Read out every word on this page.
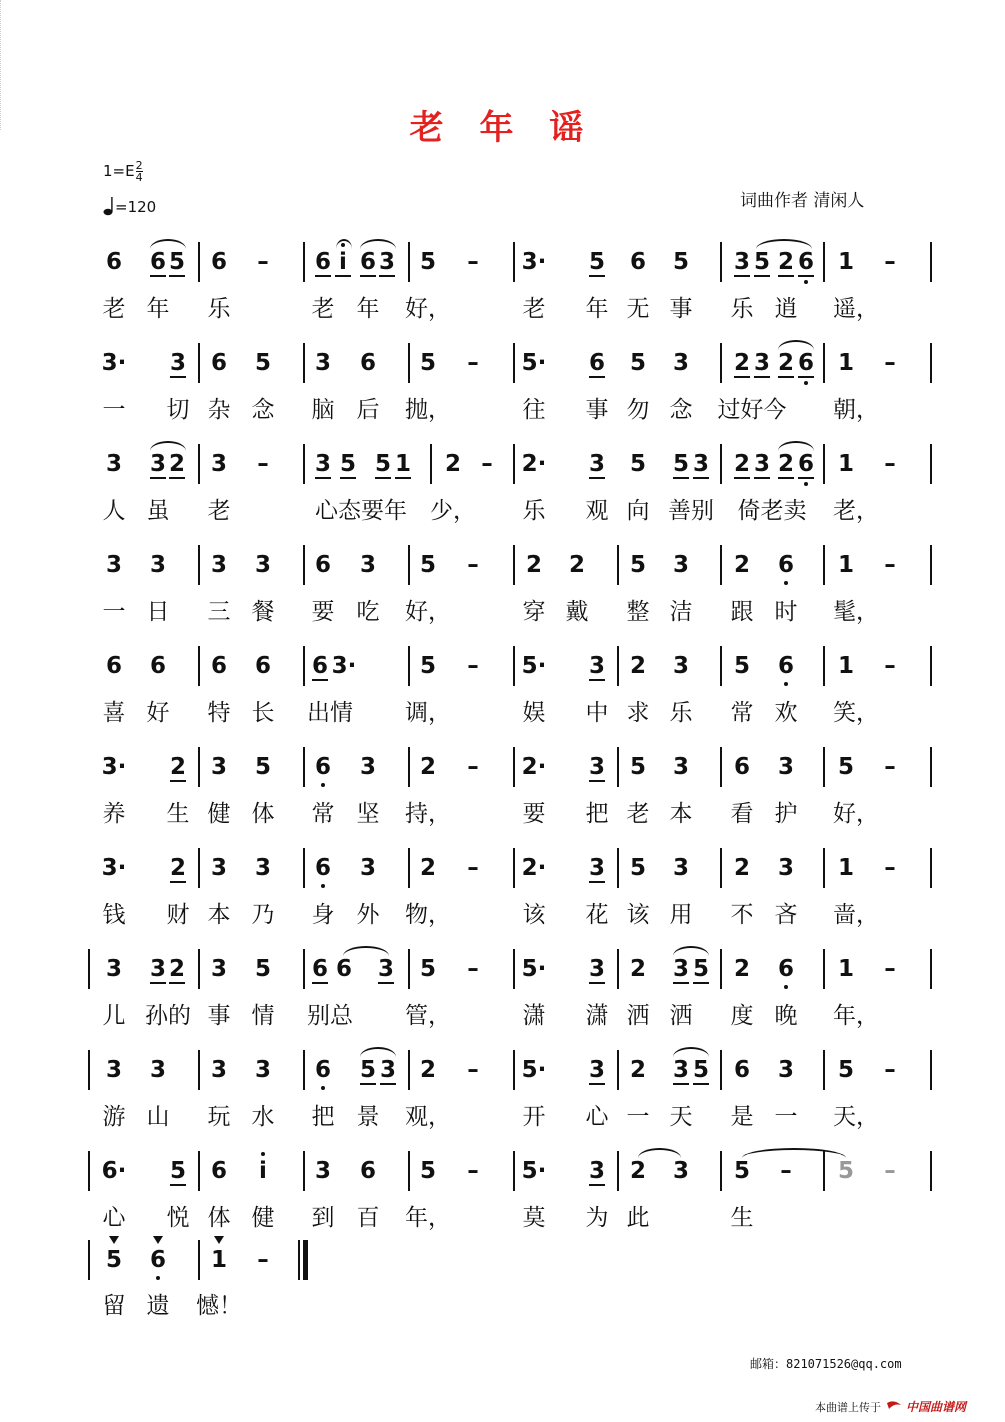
老 年 谣
$1=E \frac{2}{4}$
=120	词曲作者 清闲人
6 6 5 6	–	6 i 6 3 5	–	3· 5 6 5 3 5 2 6 1	–
老 年 乐	老 年 好，	老 年 无 事 乐 逍 遥，
3· 3 6 5 3 6 5	–	5· 6 5 3 2 3 2 6 1	–
一 切 杂 念 脑 后 抛，	往 事 勿 念 过好今 朝，
3 3 2 3	–	3 5 5 1 2 –	2· 3 5 5 3 2 3 2 6 1	–
人 虽 老	心态要年 少， 乐 观 向 善别 倚老卖 老，
3 3 3 3 6 3 5	–	2 2 5 3 2 6 1	–
一 日 三 餐 要 吃 好，	穿 戴 整 洁 跟 时 髦，
6 6 6 6 6 3·	5	–	5· 3 2 3 5 6 1	–
喜 好 特 长 出情 调，	娱 中 求 乐 常 欢 笑，
3· 2 3 5 6 3 2	–	2· 3 5 3 6 3 5	–
养 生 健 体 常 坚 持，	要 把 老 本 看 护 好，
3· 2 3 3 6 3 2	–	2· 3 5 3 2 3 1	–
钱 财 本 乃 身 外 物，	该 花 该 用 不 吝 啬，
3 3 2 3 5 6 6 3 5	–	5· 3 2 3 5 2 6 1	–
儿 孙的 事 情 别总 管，	潇 潇 洒 洒 度 晚 年，
3 3 3 3 6 5 3 2	–	5· 3 2 3 5 6 3 5	–
游 山 玩 水 把 景 观，	开 心 一 天 是 一 天，
6· 5 6	i	3 6 5	–	5· 3 2 3 5	–	5	–
心 悦 体 健 到 百 年，	莫 为 此	生
5 6 1	–
留 遗 憾！
邮箱：821071526@qq.com
本曲谱上传于 中国曲谱网
